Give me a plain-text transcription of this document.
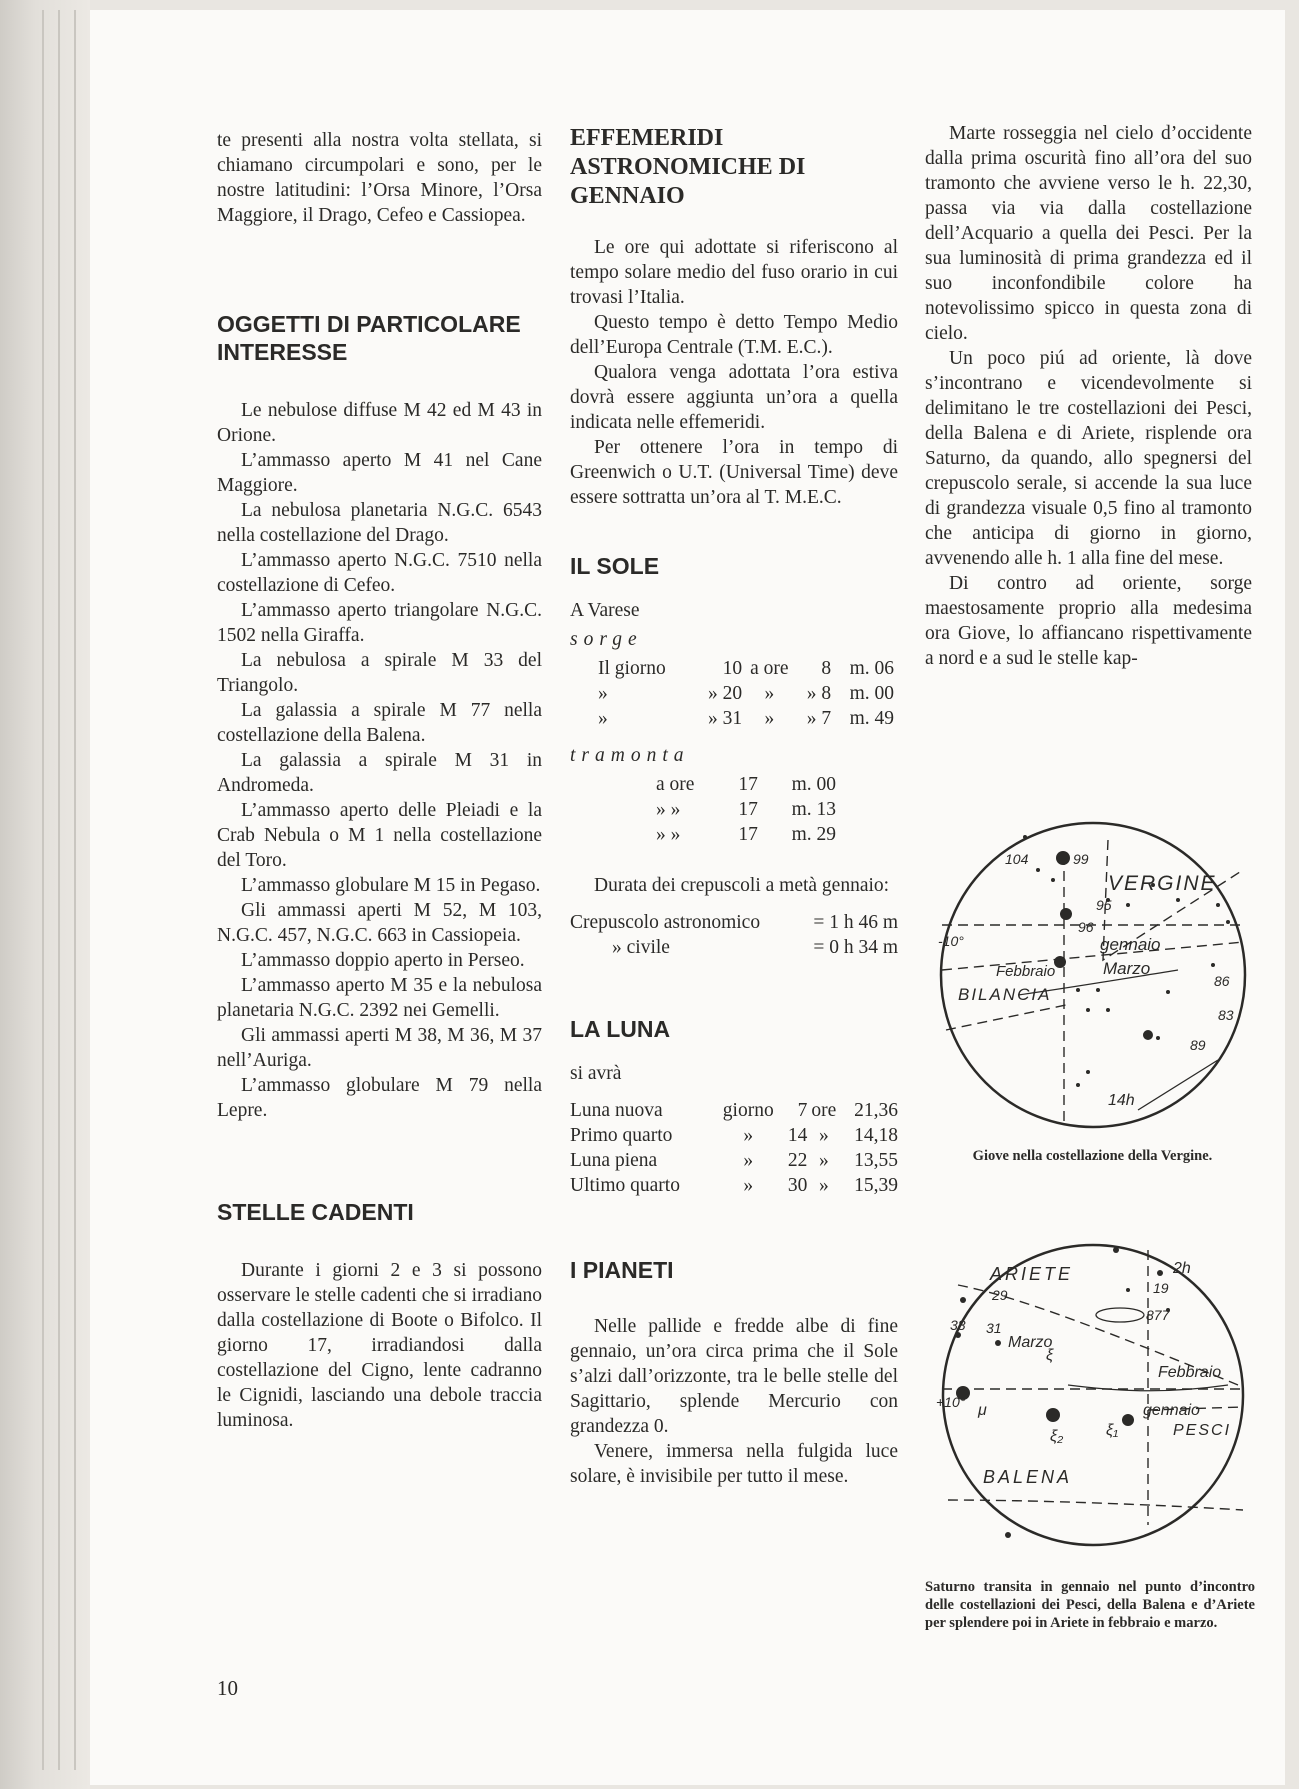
te presenti alla nostra volta stellata, si chiamano circumpolari e sono, per le nostre latitudini: l’Orsa Minore, l’Orsa Maggiore, il Drago, Cefeo e Cassiopea.

OGGETTI DI PARTICOLARE INTERESSE

Le nebulose diffuse M 42 ed M 43 in Orione.

L’ammasso aperto M 41 nel Cane Maggiore.

La nebulosa planetaria N.G.C. 6543 nella costellazione del Drago.

L’ammasso aperto N.G.C. 7510 nella costellazione di Cefeo.

L’ammasso aperto triangolare N.G.C. 1502 nella Giraffa.

La nebulosa a spirale M 33 del Triangolo.

La galassia a spirale M 77 nella costellazione della Balena.

La galassia a spirale M 31 in Andromeda.

L’ammasso aperto delle Pleiadi e la Crab Nebula o M 1 nella costellazione del Toro.

L’ammasso globulare M 15 in Pegaso.

Gli ammassi aperti M 52, M 103, N.G.C. 457, N.G.C. 663 in Cassiopeia.

L’ammasso doppio aperto in Perseo.

L’ammasso aperto M 35 e la nebulosa planetaria N.G.C. 2392 nei Gemelli.

Gli ammassi aperti M 38, M 36, M 37 nell’Auriga.

L’ammasso globulare M 79 nella Lepre.

STELLE CADENTI

Durante i giorni 2 e 3 si possono osservare le stelle cadenti che si irradiano dalla costellazione di Boote o Bifolco. Il giorno 17, irradiandosi dalla costellazione del Cigno, lente cadranno le Cignidi, lasciando una debole traccia luminosa.

EFFEMERIDI ASTRONOMICHE DI GENNAIO

Le ore qui adottate si riferiscono al tempo solare medio del fuso orario in cui trovasi l’Italia.

Questo tempo è detto Tempo Medio dell’Europa Centrale (T.M. E.C.).

Qualora venga adottata l’ora estiva dovrà essere aggiunta un’ora a quella indicata nelle effemeridi.

Per ottenere l’ora in tempo di Greenwich o U.T. (Universal Time) deve essere sottratta un’ora al T. M.E.C.

IL SOLE

A Varese

sorge

Il giorno	10	a ore	8	m. 06
»	» 20	»	» 8	m. 00
»	» 31	»	» 7	m. 49

tramonta

a ore	17	m. 00
» »	17	m. 13
» »	17	m. 29

Durata dei crepuscoli a metà gennaio:

Crepuscolo astronomico	= 1 h 46 m
» civile	= 0 h 34 m
LA LUNA

si avrà

Luna nuova	giorno	7	ore	21,36
Primo quarto	»	14	»	14,18
Luna piena	»	22	»	13,55
Ultimo quarto	»	30	»	15,39
I PIANETI

Nelle pallide e fredde albe di fine gennaio, un’ora circa prima che il Sole s’alzi dall’orizzonte, tra le belle stelle del Sagittario, splende Mercurio con grandezza 0.

Venere, immersa nella fulgida luce solare, è invisibile per tutto il mese.

Marte rosseggia nel cielo d’occidente dalla prima oscurità fino all’ora del suo tramonto che avviene verso le h. 22,30, passa via via dalla costellazione dell’Acquario a quella dei Pesci. Per la sua luminosità di prima grandezza ed il suo inconfondibile colore ha notevolissimo spicco in questa zona di cielo.

Un poco piú ad oriente, là dove s’incontrano e vicendevolmente si delimitano le tre costellazioni dei Pesci, della Balena e di Ariete, risplende ora Saturno, da quando, allo spegnersi del crepuscolo serale, si accende la sua luce di grandezza visuale 0,5 fino al tramonto che anticipa di giorno in giorno, avvenendo alle h. 1 alla fine del mese.

Di contro ad oriente, sorge maestosamente proprio alla medesima ora Giove, lo affiancano rispettivamente a nord e a sud le stelle kap-

VERGINE
BILANCIA
gennaio
Febbraio	Marzo
-10°
104	99
95
96
86
83
89
14h
Giove nella costellazione della Vergine.
ARIETE
BALENA
PESCI
gennaio
Febbraio
Marzo
+10°
2h
29	19
877
38 31
μ
ξ
ξ₁
ξ₂
Saturno transita in gennaio nel punto d’incontro delle costellazioni dei Pesci, della Balena e d’Ariete per splendere poi in Ariete in febbraio e marzo.
10
